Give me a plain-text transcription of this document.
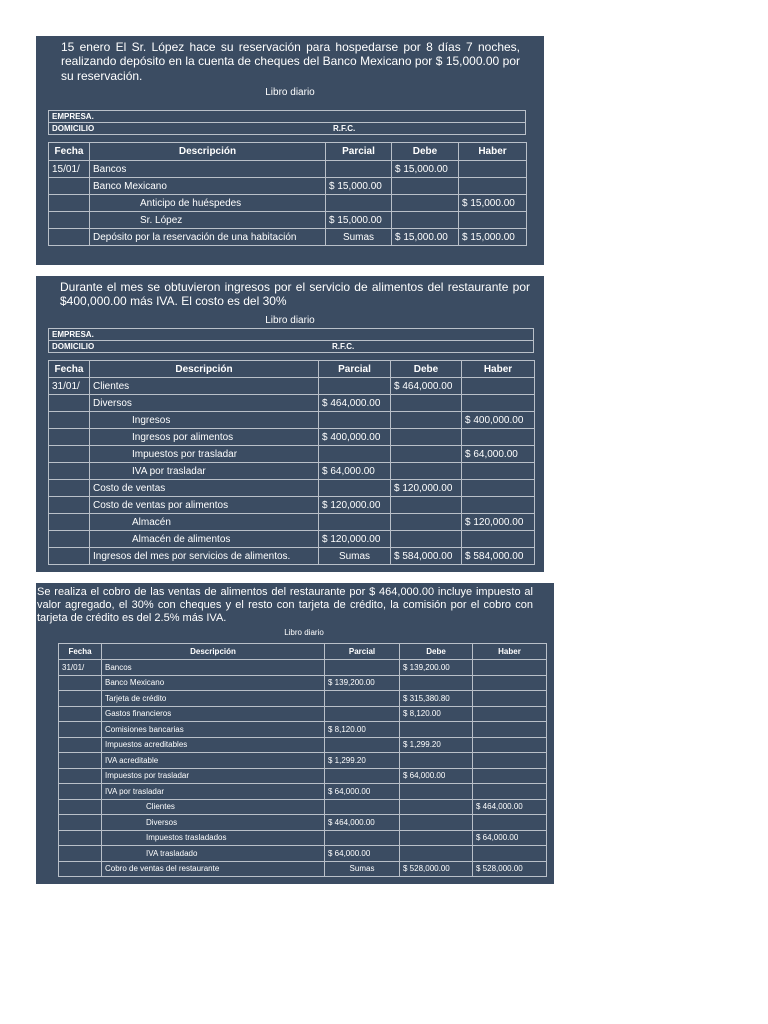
15 enero El Sr. López hace su reservación para hospedarse por 8 días 7 noches, realizando depósito en la cuenta de cheques del Banco Mexicano por $ 15,000.00 por su reservación.
Libro diario
EMPRESA.
DOMICILIO	R.F.C.
Fecha	Descripción	Parcial	Debe	Haber
15/01/	Bancos		$ 15,000.00	
	Banco Mexicano	$ 15,000.00		
	Anticipo de huéspedes			$ 15,000.00
	Sr. López	$ 15,000.00		
	Depósito por la reservación de una habitación	Sumas	$ 15,000.00	$ 15,000.00
Durante el mes se obtuvieron ingresos por el servicio de alimentos del restaurante por $400,000.00 más IVA. El costo es del 30%
Libro diario
EMPRESA.
DOMICILIO	R.F.C.
Fecha	Descripción	Parcial	Debe	Haber
31/01/	Clientes		$ 464,000.00	
	Diversos	$ 464,000.00		
	Ingresos			$ 400,000.00
	Ingresos por alimentos	$ 400,000.00		
	Impuestos por trasladar			$ 64,000.00
	IVA por trasladar	$ 64,000.00		
	Costo de ventas		$ 120,000.00	
	Costo de ventas por alimentos	$ 120,000.00		
	Almacén			$ 120,000.00
	Almacén de alimentos	$ 120,000.00		
	Ingresos del mes por servicios de alimentos.	Sumas	$ 584,000.00	$ 584,000.00
Se realiza el cobro de las ventas de alimentos del restaurante por $ 464,000.00 incluye impuesto al valor agregado, el 30% con cheques y el resto con tarjeta de crédito, la comisión por el cobro con tarjeta de crédito es del 2.5% más IVA.
Libro diario
Fecha	Descripción	Parcial	Debe	Haber
31/01/	Bancos		$ 139,200.00	
	Banco Mexicano	$ 139,200.00		
	Tarjeta de crédito		$ 315,380.80	
	Gastos financieros		$ 8,120.00	
	Comisiones bancarias	$ 8,120.00		
	Impuestos acreditables		$ 1,299.20	
	IVA acreditable	$ 1,299.20		
	Impuestos por trasladar		$ 64,000.00	
	IVA por trasladar	$ 64,000.00		
	Clientes			$ 464,000.00
	Diversos	$ 464,000.00		
	Impuestos trasladados			$ 64,000.00
	IVA trasladado	$ 64,000.00		
	Cobro de ventas del restaurante	Sumas	$ 528,000.00	$ 528,000.00
